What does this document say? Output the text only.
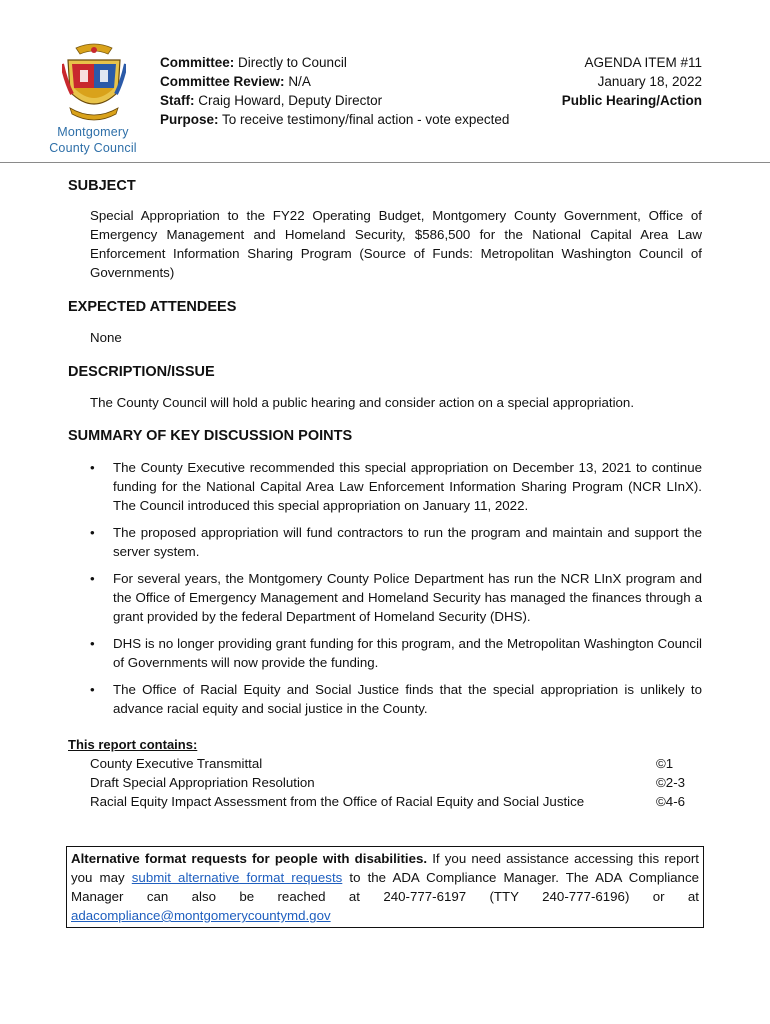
Montgomery
County Council
Committee: Directly to Council
Committee Review: N/A
Staff: Craig Howard, Deputy Director
Purpose: To receive testimony/final action - vote expected
AGENDA ITEM #11
January 18, 2022
Public Hearing/Action
SUBJECT
Special Appropriation to the FY22 Operating Budget, Montgomery County Government, Office of Emergency Management and Homeland Security, $586,500 for the National Capital Area Law Enforcement Information Sharing Program (Source of Funds: Metropolitan Washington Council of Governments)
EXPECTED ATTENDEES
None
DESCRIPTION/ISSUE
The County Council will hold a public hearing and consider action on a special appropriation.
SUMMARY OF KEY DISCUSSION POINTS
• The County Executive recommended this special appropriation on December 13, 2021 to continue funding for the National Capital Area Law Enforcement Information Sharing Program (NCR LInX). The Council introduced this special appropriation on January 11, 2022.
• The proposed appropriation will fund contractors to run the program and maintain and support the server system.
• For several years, the Montgomery County Police Department has run the NCR LInX program and the Office of Emergency Management and Homeland Security has managed the finances through a grant provided by the federal Department of Homeland Security (DHS).
• DHS is no longer providing grant funding for this program, and the Metropolitan Washington Council of Governments will now provide the funding.
• The Office of Racial Equity and Social Justice finds that the special appropriation is unlikely to advance racial equity and social justice in the County.
This report contains:
County Executive Transmittal	©1
Draft Special Appropriation Resolution	©2-3
Racial Equity Impact Assessment from the Office of Racial Equity and Social Justice	©4-6
Alternative format requests for people with disabilities. If you need assistance accessing this report you may submit alternative format requests to the ADA Compliance Manager. The ADA Compliance Manager can also be reached at 240-777-6197 (TTY 240-777-6196) or at adacompliance@montgomerycountymd.gov
